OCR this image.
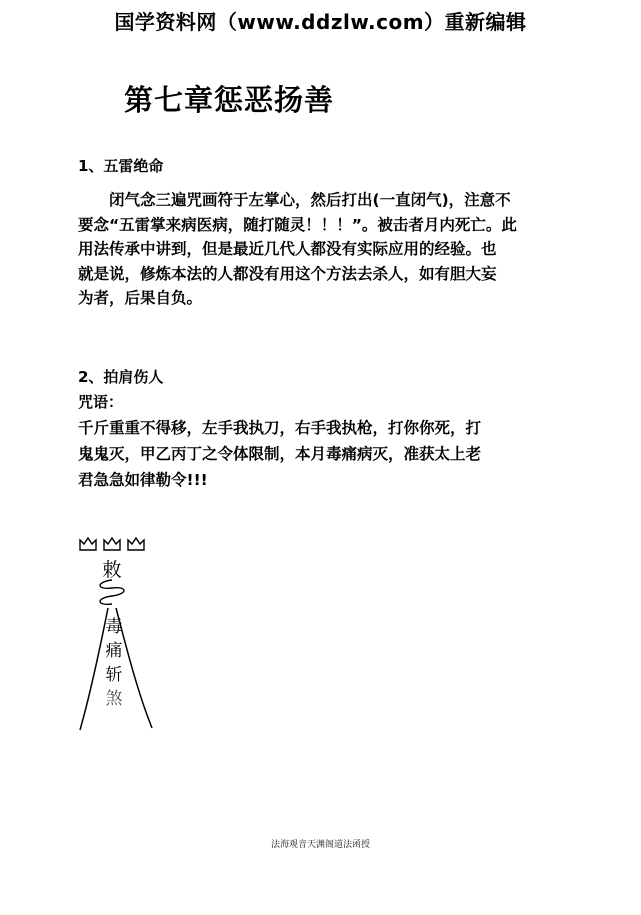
国学资料网（www.ddzlw.com）重新编辑
第七章惩恶扬善
1、五雷绝命
闭气念三遍咒画符于左掌心，然后打出(一直闭气)，注意不
要念“五雷掌来病医病，随打随灵！！！”。被击者月内死亡。此
用法传承中讲到，但是最近几代人都没有实际应用的经验。也
就是说，修炼本法的人都没有用这个方法去杀人，如有胆大妄
为者，后果自负。
2、拍肩伤人
咒语：
千斤重重不得移，左手我执刀，右手我执枪，打你你死，打
鬼鬼灭，甲乙丙丁之令体限制，本月毒痛病灭，准获太上老
君急急如律勒令!!!
敕
毒
痛
斩
煞
法海观音天渊阁道法函授
